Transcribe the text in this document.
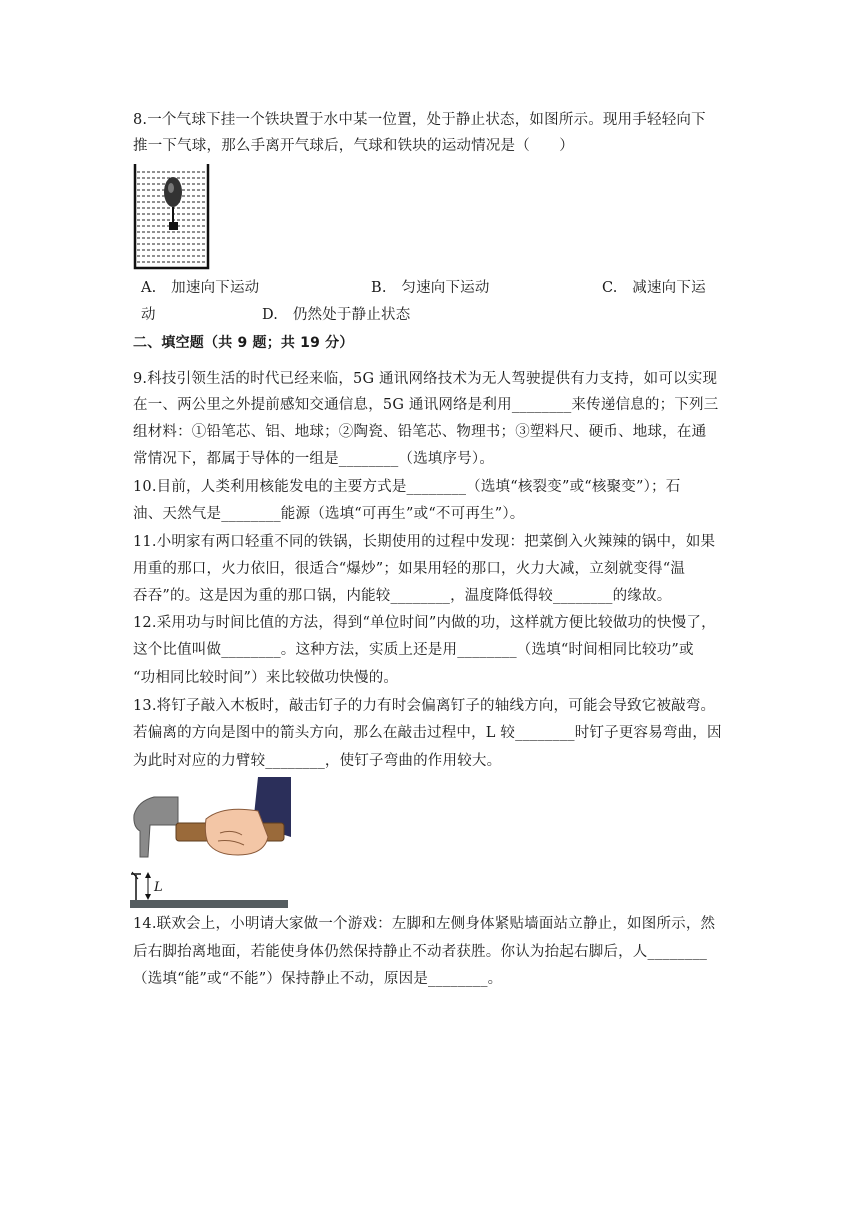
8.一个气球下挂一个铁块置于水中某一位置，处于静止状态，如图所示。现用手轻轻向下
推一下气球，那么手离开气球后，气球和铁块的运动情况是（　　）
A.　加速向下运动	B.　匀速向下运动	C.　减速向下运
动	D.　仍然处于静止状态
二、填空题（共 9 题；共 19 分）
9.科技引领生活的时代已经来临，5G 通讯网络技术为无人驾驶提供有力支持，如可以实现
在一、两公里之外提前感知交通信息，5G 通讯网络是利用________来传递信息的；下列三
组材料：①铅笔芯、铝、地球；②陶瓷、铅笔芯、物理书；③塑料尺、硬币、地球，在通
常情况下，都属于导体的一组是________（选填序号）。
10.目前，人类利用核能发电的主要方式是________（选填“核裂变”或“核聚变”）；石
油、天然气是________能源（选填“可再生”或“不可再生”）。
11.小明家有两口轻重不同的铁锅，长期使用的过程中发现：把菜倒入火辣辣的锅中，如果
用重的那口，火力依旧，很适合“爆炒”；如果用轻的那口，火力大减，立刻就变得“温
吞吞”的。这是因为重的那口锅，内能较________，温度降低得较________的缘故。
12.采用功与时间比值的方法，得到“单位时间”内做的功，这样就方便比较做功的快慢了，
这个比值叫做________。这种方法，实质上还是用________（选填“时间相同比较功”或
“功相同比较时间”）来比较做功快慢的。
13.将钉子敲入木板时，敲击钉子的力有时会偏离钉子的轴线方向，可能会导致它被敲弯。
若偏离的方向是图中的箭头方向，那么在敲击过程中，L 较________时钉子更容易弯曲，因
为此时对应的力臂较________，使钉子弯曲的作用较大。
L
14.联欢会上，小明请大家做一个游戏：左脚和左侧身体紧贴墙面站立静止，如图所示，然
后右脚抬离地面，若能使身体仍然保持静止不动者获胜。你认为抬起右脚后，人________
（选填“能”或“不能”）保持静止不动，原因是________。
